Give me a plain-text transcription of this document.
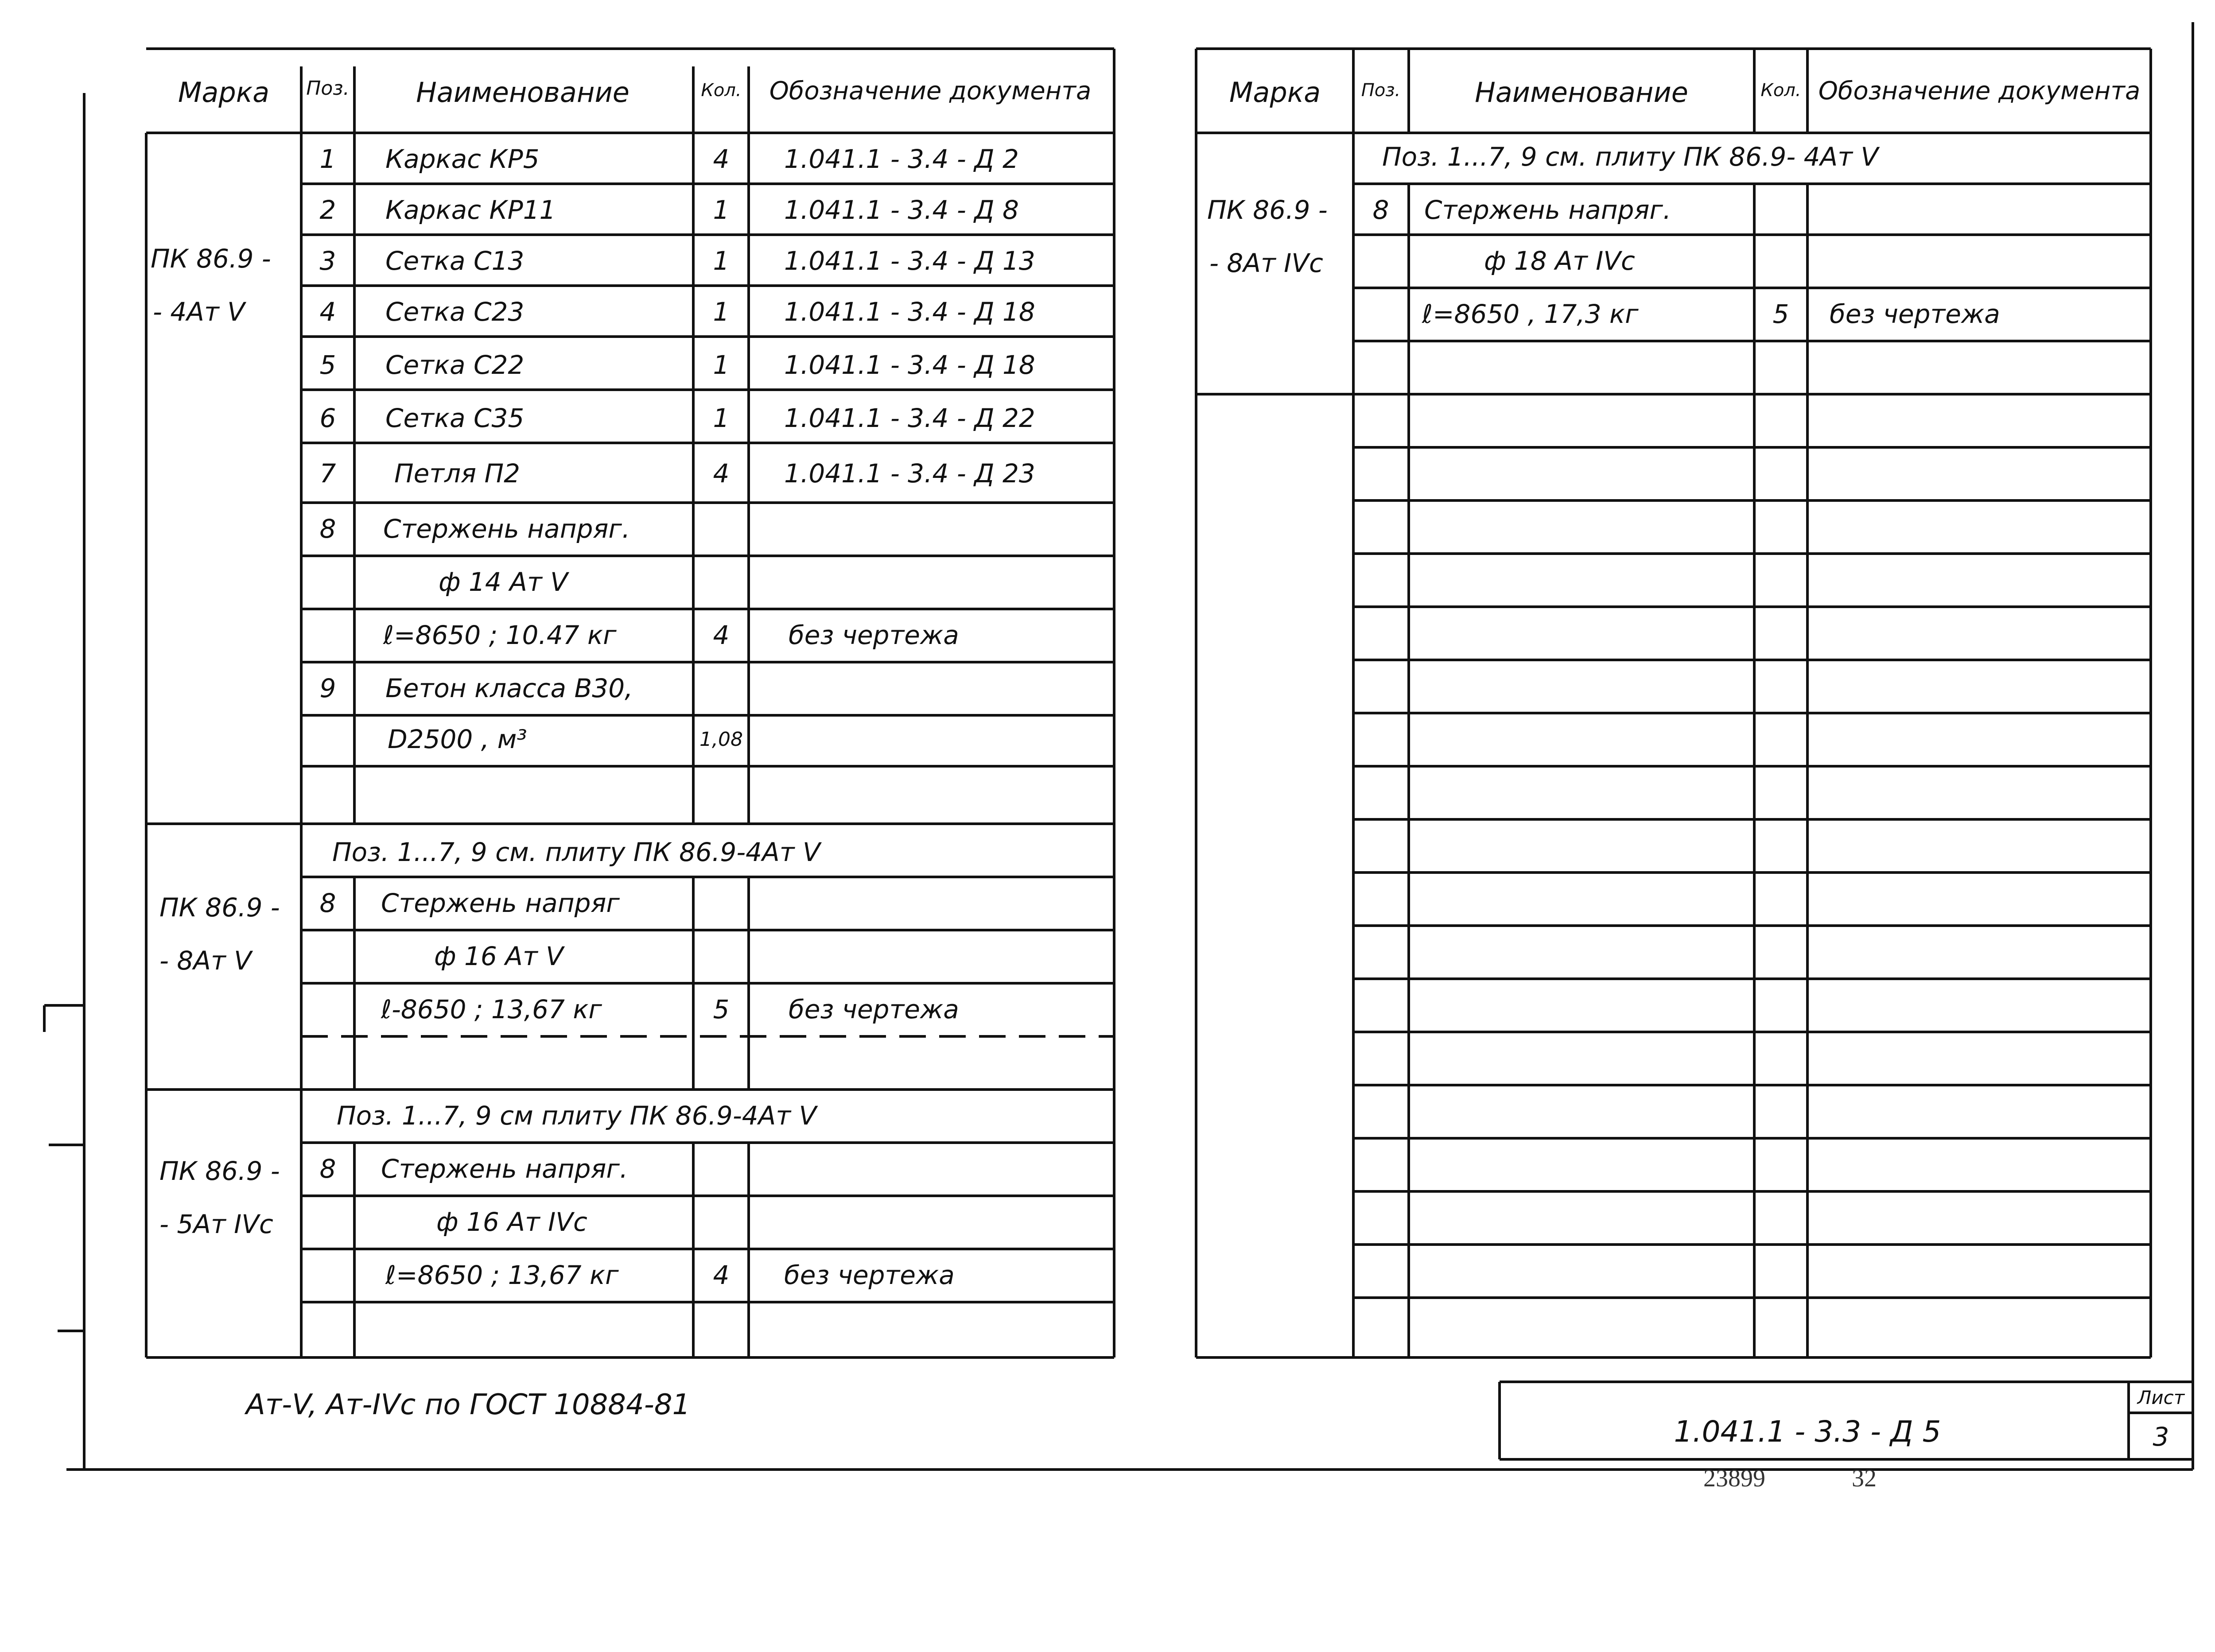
Марка Поз. Наименование	Кол. Обозначение документа
ПК 86.9 -
- 4Ат V
1 Каркас КР5	4 1.041.1 - 3.4 - Д 2
2 Каркас КР11	1 1.041.1 - 3.4 - Д 8
3 Сетка С13	1 1.041.1 - 3.4 - Д 13
4 Сетка С23	1 1.041.1 - 3.4 - Д 18
5 Сетка С22	1 1.041.1 - 3.4 - Д 18
6 Сетка С35	1 1.041.1 - 3.4 - Д 22
7 Петля П2	4 1.041.1 - 3.4 - Д 23
8 Стержень напряг.
ф 14 Ат V
ℓ=8650 ; 10.47 кг	4 без чертежа
9 Бетон класса В30,
D2500 , м³	1,08
Поз. 1...7, 9 см. плиту ПК 86.9-4Ат V
ПК 86.9 -
- 8Ат V
8 Стержень напряг
ф 16 Ат V
ℓ-8650 ; 13,67 кг	5 без чертежа
Поз. 1...7, 9 см плиту ПК 86.9-4Ат V
ПК 86.9 -
- 5Ат IVс
8 Стержень напряг.
ф 16 Ат IVс
ℓ=8650 ; 13,67 кг	4 без чертежа
Марка Поз.	Наименование	Кол. Обозначение документа
Поз. 1...7, 9 см. плиту ПК 86.9- 4Ат V
ПК 86.9 -
- 8Ат IVс
8 Стержень напряг.
ф 18 Ат IVс
ℓ=8650 , 17,3 кг	5 без чертежа
Ат-V, Ат-IVс по ГОСТ 10884-81
1.041.1 - 3.3 - Д 5
Лист
3
23899	32
